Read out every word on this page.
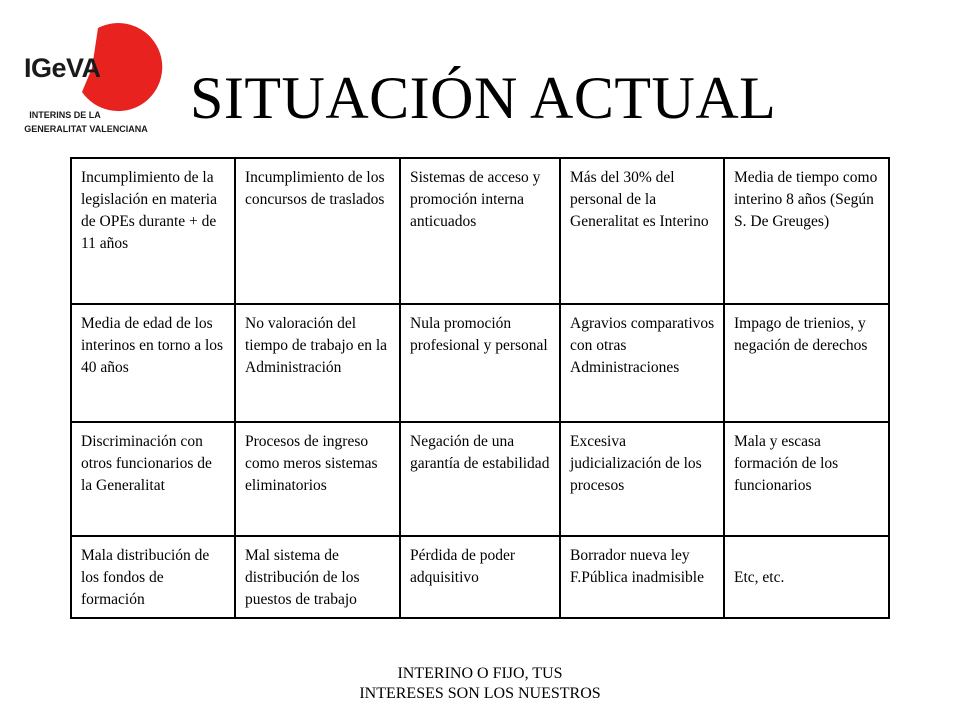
IGeVA
INTERINS DE LA
GENERALITAT VALENCIANA SITUACIÓN ACTUAL
Incumplimiento de la legislación en materia de OPEs durante + de 11 años	Incumplimiento de los concursos de traslados	Sistemas de acceso y promoción interna anticuados	Más del 30% del personal de la Generalitat es Interino	Media de tiempo como interino 8 años (Según S. De Greuges)
Media de edad de los interinos en torno a los 40 años	No valoración del tiempo de trabajo en la Administración	Nula promoción profesional y personal	Agravios comparativos con otras Administraciones	Impago de trienios, y negación de derechos
Discriminación con otros funcionarios de la Generalitat	Procesos de ingreso como meros sistemas eliminatorios	Negación de una garantía de estabilidad	Excesiva judicialización de los procesos	Mala y escasa formación de los funcionarios
Mala distribución de los fondos de formación	Mal sistema de distribución de los puestos de trabajo	Pérdida de poder adquisitivo	Borrador nueva ley F.Pública inadmisible	Etc, etc.
INTERINO O FIJO, TUS
INTERESES SON LOS NUESTROS
